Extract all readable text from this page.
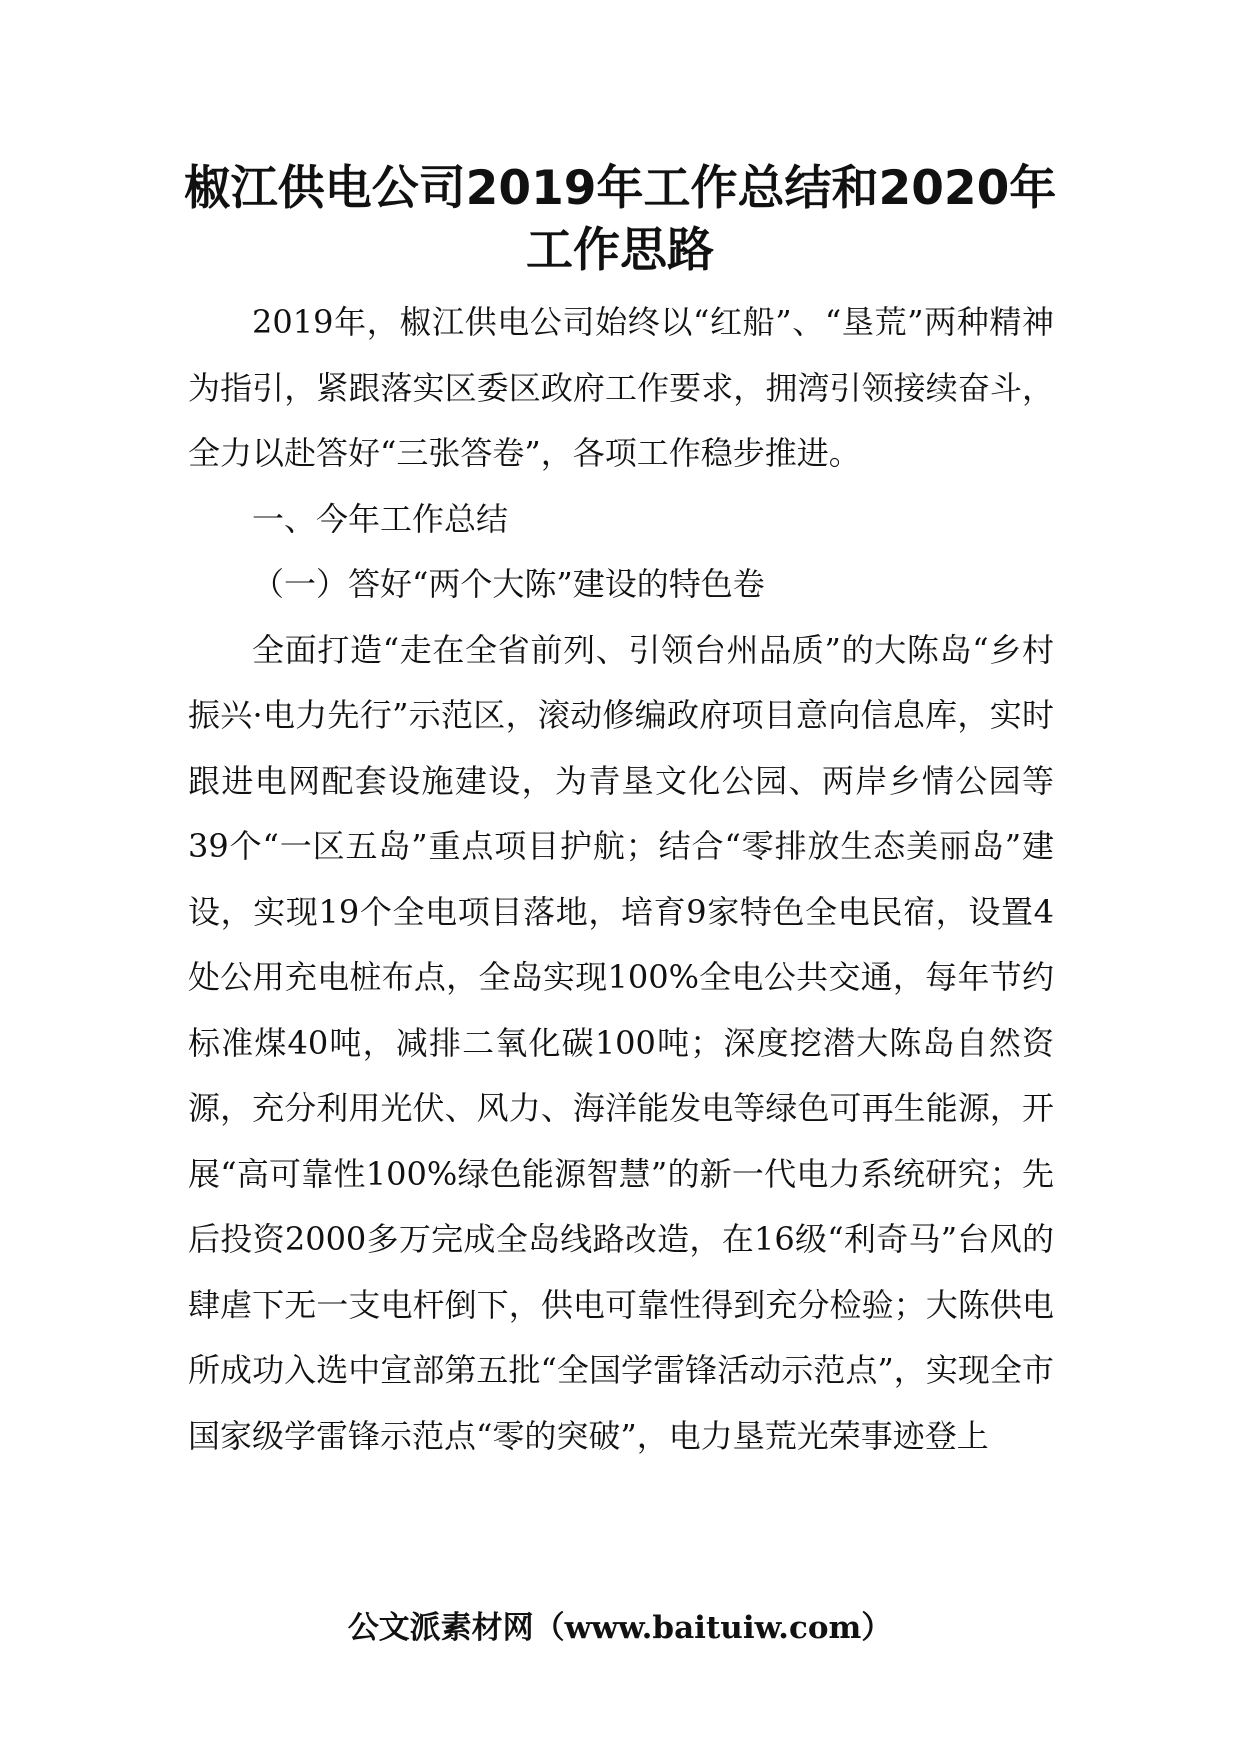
椒江供电公司2019年工作总结和2020年工作思路

2019年，椒江供电公司始终以“红船”、“垦荒”两种精神为指引，紧跟落实区委区政府工作要求，拥湾引领接续奋斗，全力以赴答好“三张答卷”，各项工作稳步推进。

一、今年工作总结

（一）答好“两个大陈”建设的特色卷

全面打造“走在全省前列、引领台州品质”的大陈岛“乡村振兴·电力先行”示范区，滚动修编政府项目意向信息库，实时跟进电网配套设施建设，为青垦文化公园、两岸乡情公园等39个“一区五岛”重点项目护航；结合“零排放生态美丽岛”建设，实现19个全电项目落地，培育9家特色全电民宿，设置4处公用充电桩布点，全岛实现100%全电公共交通，每年节约标准煤40吨，减排二氧化碳100吨；深度挖潜大陈岛自然资源，充分利用光伏、风力、海洋能发电等绿色可再生能源，开展“高可靠性100%绿色能源智慧”的新一代电力系统研究；先后投资2000多万完成全岛线路改造，在16级“利奇马”台风的肆虐下无一支电杆倒下，供电可靠性得到充分检验；大陈供电所成功入选中宣部第五批“全国学雷锋活动示范点”，实现全市国家级学雷锋示范点“零的突破”，电力垦荒光荣事迹登上

公文派素材网（www.baituiw.com）
